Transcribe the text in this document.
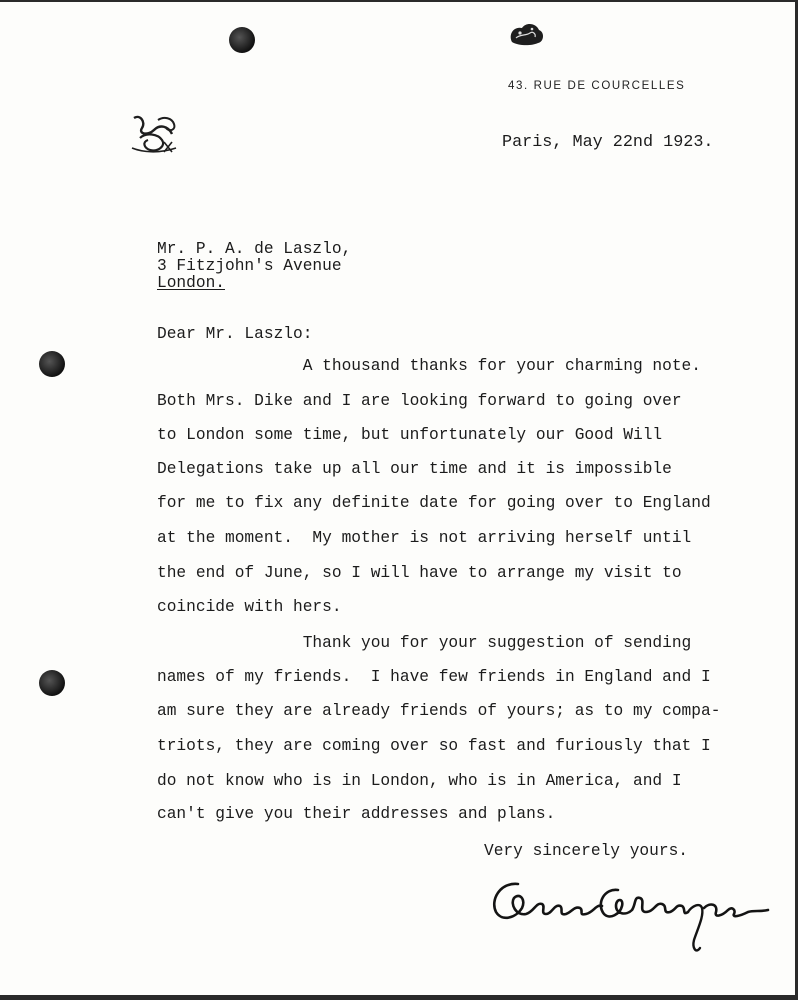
43. RUE DE COURCELLES
Paris, May 22nd 1923.
Mr. P. A. de Laszlo,
3 Fitzjohn's Avenue
London.
Dear Mr. Laszlo:
A thousand thanks for your charming note.
Both Mrs. Dike and I are looking forward to going over
to London some time, but unfortunately our Good Will
Delegations take up all our time and it is impossible
for me to fix any definite date for going over to England
at the moment.  My mother is not arriving herself until
the end of June, so I will have to arrange my visit to
coincide with hers.
Thank you for your suggestion of sending
names of my friends.  I have few friends in England and I
am sure they are already friends of yours; as to my compa-
triots, they are coming over so fast and furiously that I
do not know who is in London, who is in America, and I
can't give you their addresses and plans.
Very sincerely yours.
